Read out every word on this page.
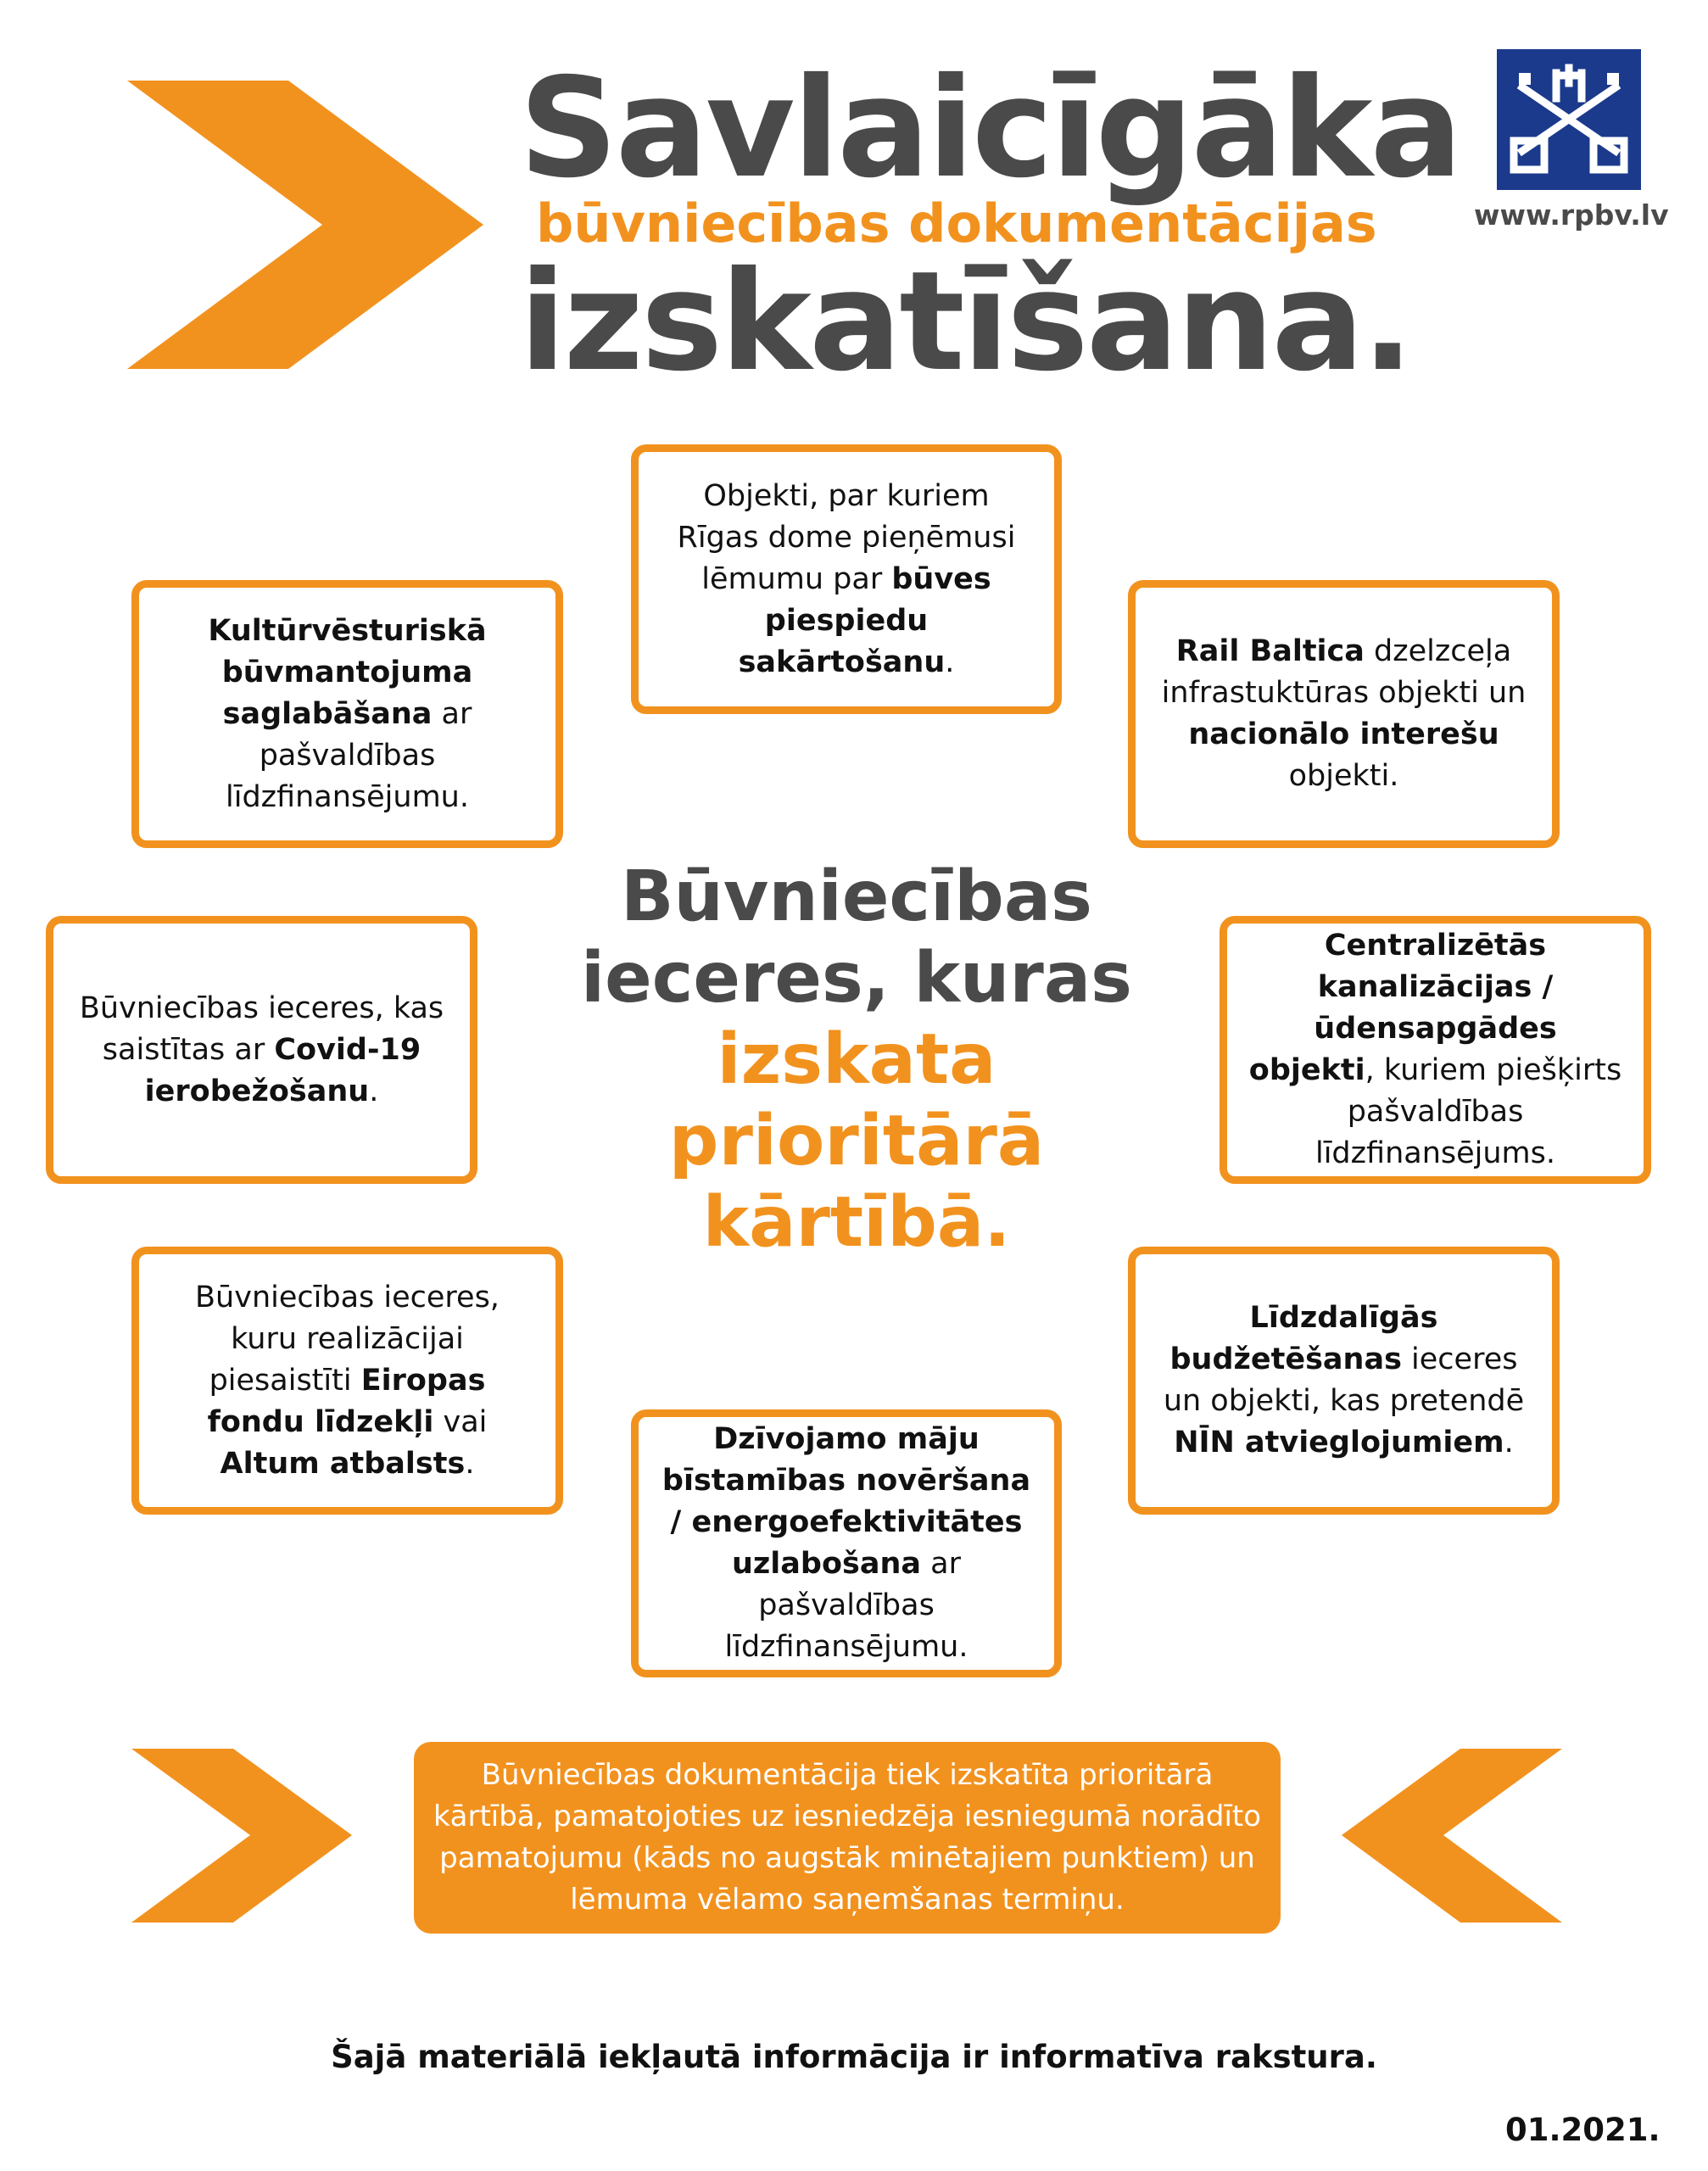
Savlaicīgāka
būvniecības dokumentācijas
izskatīšana.
www.rpbv.lv
Objekti, par kuriem Rīgas dome pieņēmusi lēmumu par būves piespiedu sakārtošanu.
Kultūrvēsturiskā būvmantojuma saglabāšana ar pašvaldības līdzfinansējumu.
Rail Baltica dzelzceļa infrastuktūras objekti un nacionālo interešu objekti.
Būvniecības ieceres, kas saistītas ar Covid-19 ierobežošanu.
Centralizētās kanalizācijas / ūdensapgādes objekti, kuriem piešķirts pašvaldības līdzfinansējums.
Būvniecības ieceres, kuru realizācijai piesaistīti Eiropas fondu līdzekļi vai Altum atbalsts.
Līdzdalīgās budžetēšanas ieceres un objekti, kas pretendē NĪN atvieglojumiem.
Dzīvojamo māju bīstamības novēršana / energoefektivitātes uzlabošana ar pašvaldības līdzfinansējumu.
Būvniecības
ieceres, kuras
izskata
prioritārā
kārtībā.
Būvniecības dokumentācija tiek izskatīta prioritārā kārtībā, pamatojoties uz iesniedzēja iesniegumā norādīto pamatojumu (kāds no augstāk minētajiem punktiem) un lēmuma vēlamo saņemšanas termiņu.
Šajā materiālā iekļautā informācija ir informatīva rakstura.
01.2021.
